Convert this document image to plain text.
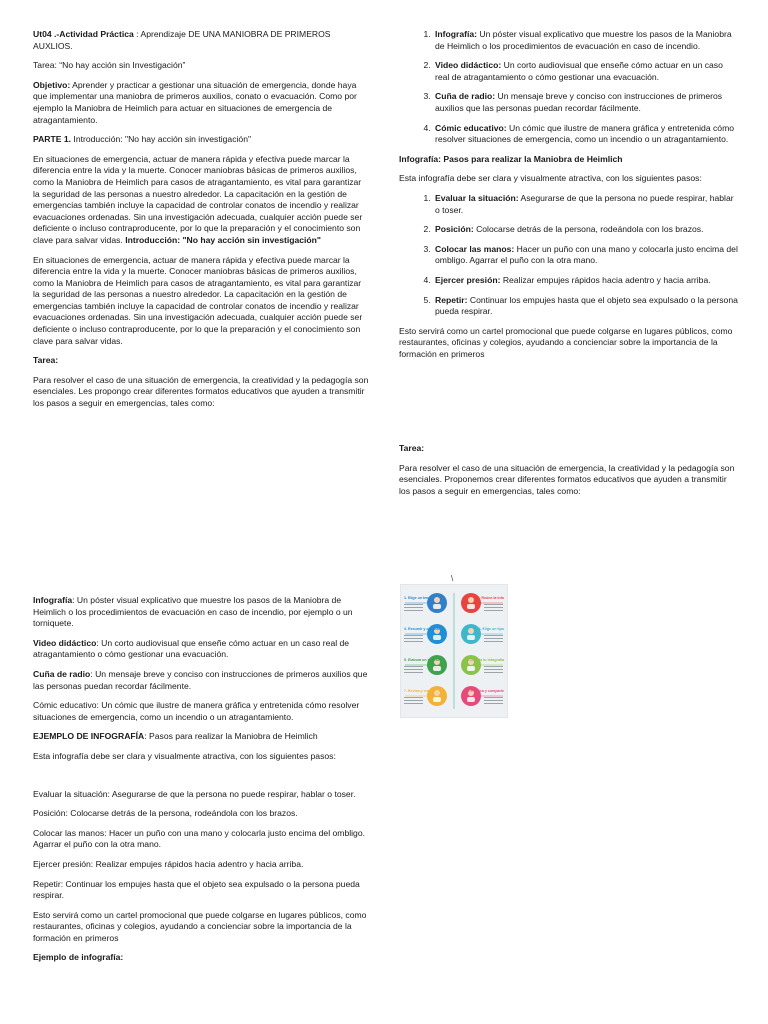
Ut04 .-Actividad Práctica : Aprendizaje DE UNA MANIOBRA DE PRIMEROS AUXLIOS.

Tarea: “No hay acción sin Investigación”

Objetivo: Aprender y practicar a gestionar una situación de emergencia, donde haya que implementar una maniobra de primeros auxilios, conato o evacuación. Como por ejemplo la Maniobra de Heimlich para actuar en situaciones de emergencia de atragantamiento.

PARTE 1. Introducción: "No hay acción sin investigación"

En situaciones de emergencia, actuar de manera rápida y efectiva puede marcar la diferencia entre la vida y la muerte. Conocer maniobras básicas de primeros auxilios, como la Maniobra de Heimlich para casos de atragantamiento, es vital para garantizar la seguridad de las personas a nuestro alrededor. La capacitación en la gestión de emergencias también incluye la capacidad de controlar conatos de incendio y realizar evacuaciones ordenadas. Sin una investigación adecuada, cualquier acción puede ser deficiente o incluso contraproducente, por lo que la preparación y el conocimiento son clave para salvar vidas. Introducción: "No hay acción sin investigación"

En situaciones de emergencia, actuar de manera rápida y efectiva puede marcar la diferencia entre la vida y la muerte. Conocer maniobras básicas de primeros auxilios, como la Maniobra de Heimlich para casos de atragantamiento, es vital para garantizar la seguridad de las personas a nuestro alrededor. La capacitación en la gestión de emergencias también incluye la capacidad de controlar conatos de incendio y realizar evacuaciones ordenadas. Sin una investigación adecuada, cualquier acción puede ser deficiente o incluso contraproducente, por lo que la preparación y el conocimiento son clave para salvar vidas.

Tarea:

Para resolver el caso de una situación de emergencia, la creatividad y la pedagogía son esenciales. Les propongo crear diferentes formatos educativos que ayuden a transmitir los pasos a seguir en emergencias, tales como:

Infografía: Un póster visual explicativo que muestre los pasos de la Maniobra de Heimlich o los procedimientos de evacuación en caso de incendio, por ejemplo o un torniquete.

Video didáctico: Un corto audiovisual que enseñe cómo actuar en un caso real de atragantamiento o cómo gestionar una evacuación.

Cuña de radio: Un mensaje breve y conciso con instrucciones de primeros auxilios que las personas puedan recordar fácilmente.

Cómic educativo: Un cómic que ilustre de manera gráfica y entretenida cómo resolver situaciones de emergencia, como un incendio o un atragantamiento.

EJEMPLO DE INFOGRAFÍA: Pasos para realizar la Maniobra de Heimlich

Esta infografía debe ser clara y visualmente atractiva, con los siguientes pasos:

Evaluar la situación: Asegurarse de que la persona no puede respirar, hablar o toser.

Posición: Colocarse detrás de la persona, rodeándola con los brazos.

Colocar las manos: Hacer un puño con una mano y colocarla justo encima del ombligo. Agarrar el puño con la otra mano.

Ejercer presión: Realizar empujes rápidos hacia adentro y hacia arriba.

Repetir: Continuar los empujes hasta que el objeto sea expulsado o la persona pueda respirar.

Esto servirá como un cartel promocional que puede colgarse en lugares públicos, como restaurantes, oficinas y colegios, ayudando a concienciar sobre la importancia de la formación en primeros

Ejemplo de infografía:

1. Infografía: Un póster visual explicativo que muestre los pasos de la Maniobra de Heimlich o los procedimientos de evacuación en caso de incendio.
2. Video didáctico: Un corto audiovisual que enseñe cómo actuar en un caso real de atragantamiento o cómo gestionar una evacuación.
3. Cuña de radio: Un mensaje breve y conciso con instrucciones de primeros auxilios que las personas puedan recordar fácilmente.
4. Cómic educativo: Un cómic que ilustre de manera gráfica y entretenida cómo resolver situaciones de emergencia, como un incendio o un atragantamiento.

Infografía: Pasos para realizar la Maniobra de Heimlich

Esta infografía debe ser clara y visualmente atractiva, con los siguientes pasos:

1. Evaluar la situación: Asegurarse de que la persona no puede respirar, hablar o toser.
2. Posición: Colocarse detrás de la persona, rodeándola con los brazos.
3. Colocar las manos: Hacer un puño con una mano y colocarla justo encima del ombligo. Agarrar el puño con la otra mano.
4. Ejercer presión: Realizar empujes rápidos hacia adentro y hacia arriba.
5. Repetir: Continuar los empujes hasta que el objeto sea expulsado o la persona pueda respirar.

Esto servirá como un cartel promocional que puede colgarse en lugares públicos, como restaurantes, oficinas y colegios, ayudando a concienciar sobre la importancia de la formación en primeros

Tarea:

Para resolver el caso de una situación de emergencia, la creatividad y la pedagogía son esenciales. Proponemos crear diferentes formatos educativos que ayuden a transmitir los pasos a seguir en emergencias, tales como:

\
1. Elige un tema	2. Reúne la info
3. Resumir y ordenar	4. Elige un tipo
5. Elabora un boceto	6. Diseña tu infografía
7. Revisa y corrige	8. Publica y comparte
